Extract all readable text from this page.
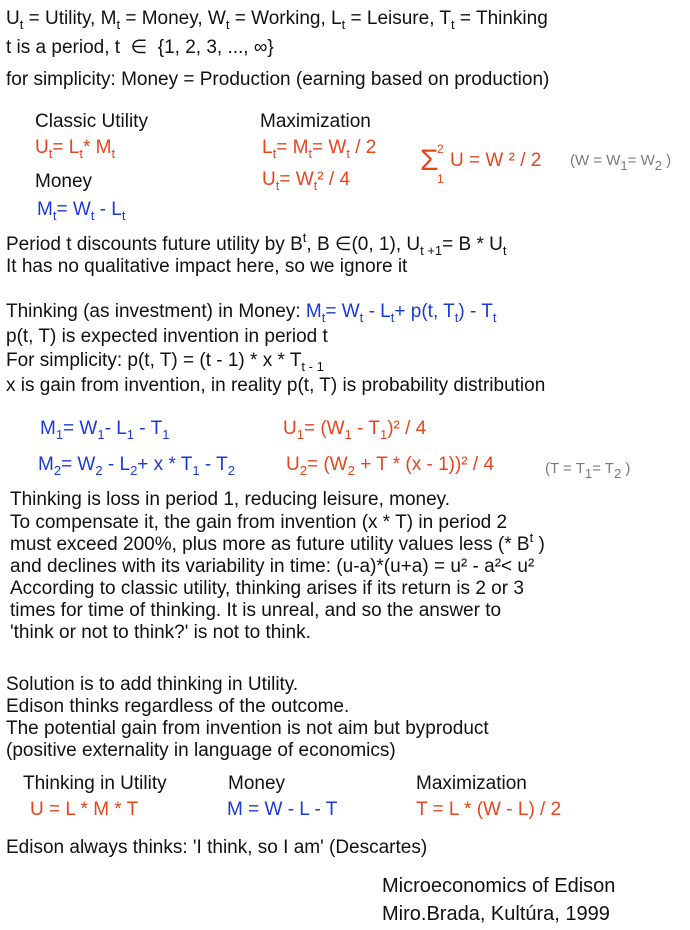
$U_t$ = Utility, $M_t$ = Money, $W_t$ = Working, $L_t$ = Leisure, $T_t$ = Thinking
t is a period, t ∈ {1, 2, 3, ..., ∞}
for simplicity: Money = Production (earning based on production)
Classic Utility
$U_t= L_t*$ $M_t$
Money
$M_t= W_t - L_t$
Maximization
$L_t= M_t= W_t / 2$
$U_t= W_t^2 / 4$
Σ
2
1
U = W ² / 2 ($W = W_1= W_2$ )
Period t discounts future utility by $B^t$, B ∈(0, 1), $U_{t +1}= B * U_t$
It has no qualitative impact here, so we ignore it
Thinking (as investment) in Money: $M_t= W_t - L_t+ p(t$, $T_t) - T_t$
p(t, T) is expected invention in period t
For simplicity: p(t, $T) = (t - 1) * x * T_{t - 1}$
x is gain from invention, in reality p(t, T) is probability distribution
$M_1= W_1-$ $L_1 - T_1$	$U_1= (W_1 - T_1)^2 / 4$
$M_2= W_2 - L_2+ x * T_1 - T_2$	$U_2= (W_2 + T * (x - 1))^2 / 4$	($T = T_1= T_2$ )
Thinking is loss in period 1, reducing leisure, money.
To compensate it, the gain from invention (x * T) in period 2
must exceed 200%, plus more as future utility values less (* $B^t$ )
and declines with its variability in time: (u-a)*(u+a) = u² - a²< u²
According to classic utility, thinking arises if its return is 2 or 3
times for time of thinking. It is unreal, and so the answer to
'think or not to think?' is not to think.
Solution is to add thinking in Utility.
Edison thinks regardless of the outcome.
The potential gain from invention is not aim but byproduct
(positive externality in language of economics)
Thinking in Utility	Money	Maximization
U = L * M * T	M = W - L - T	T = L * (W - L) / 2
Edison always thinks: 'I think, so I am' (Descartes)
Microeconomics of Edison
Miro.Brada, Kultúra, 1999
